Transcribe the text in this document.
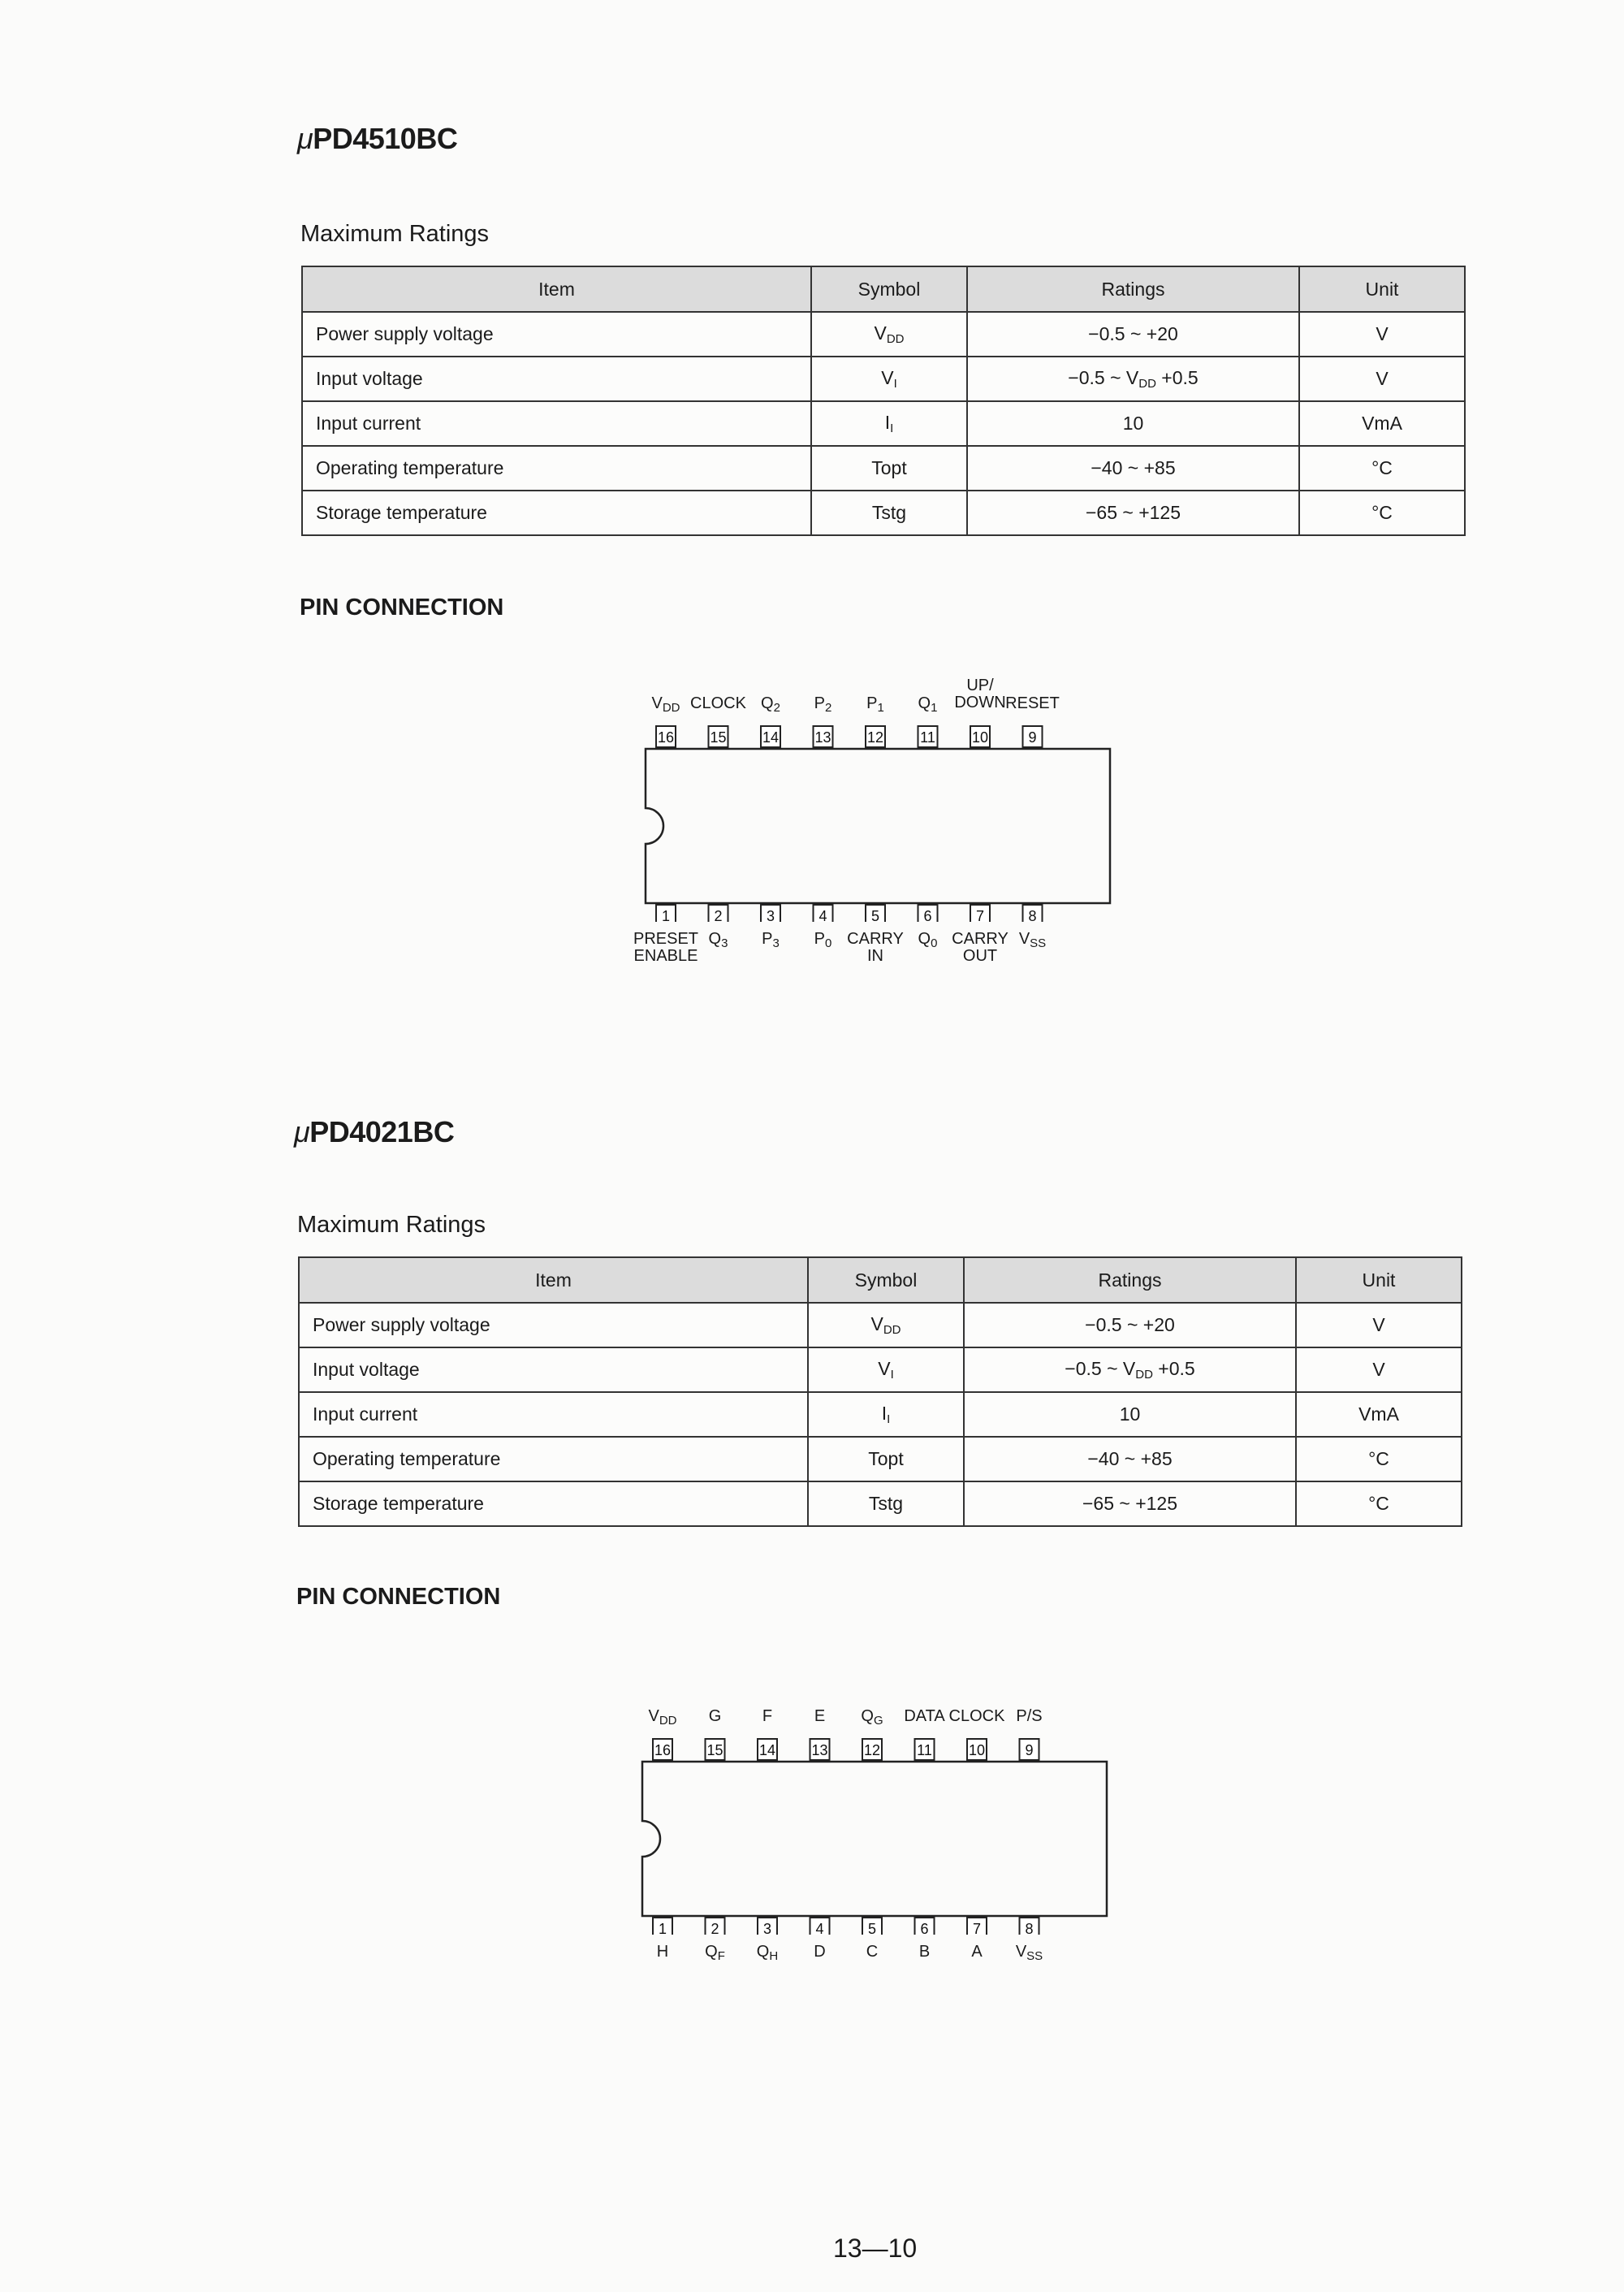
μPD4510BC
Maximum Ratings
Item	Symbol	Ratings	Unit
Power supply voltage	$V_{DD}$	−0.5 ~ +20	V
Input voltage	$V_I$	−0.5 ~ $V_{DD} +0.5$	V
Input current	$I_I$	10	VmA
Operating temperature	Topt	−40 ~ +85	°C
Storage temperature	Tstg	−65 ~ +125	°C
PIN CONNECTION
16
1
15
2
14
3
13
4
12
5
11
6
10
7
9
8
$V_{DD}$ CLOCK $Q_2$	$P_2$	$P_1$	$Q_1$
UP/
DOWN RESET
PRESET
ENABLE
$Q_3$	$P_3$	$P_0$ CARRY
IN
$Q_0$ CARRY
OUT
$V_{SS}$
μPD4021BC
Maximum Ratings
Item	Symbol	Ratings	Unit
Power supply voltage	$V_{DD}$	−0.5 ~ +20	V
Input voltage	$V_I$	−0.5 ~ $V_{DD} +0.5$	V
Input current	$I_I$	10	VmA
Operating temperature	Topt	−40 ~ +85	°C
Storage temperature	Tstg	−65 ~ +125	°C
PIN CONNECTION
16
1
15
2
14
3
13
4
12
5
11
6
10
7
9
8
$V_{DD}$	G	F	E	$Q_G$	DATA CLOCK P/S
H	$Q_F$	$Q_H$	D	C	B	A	$V_{SS}$
13—10
